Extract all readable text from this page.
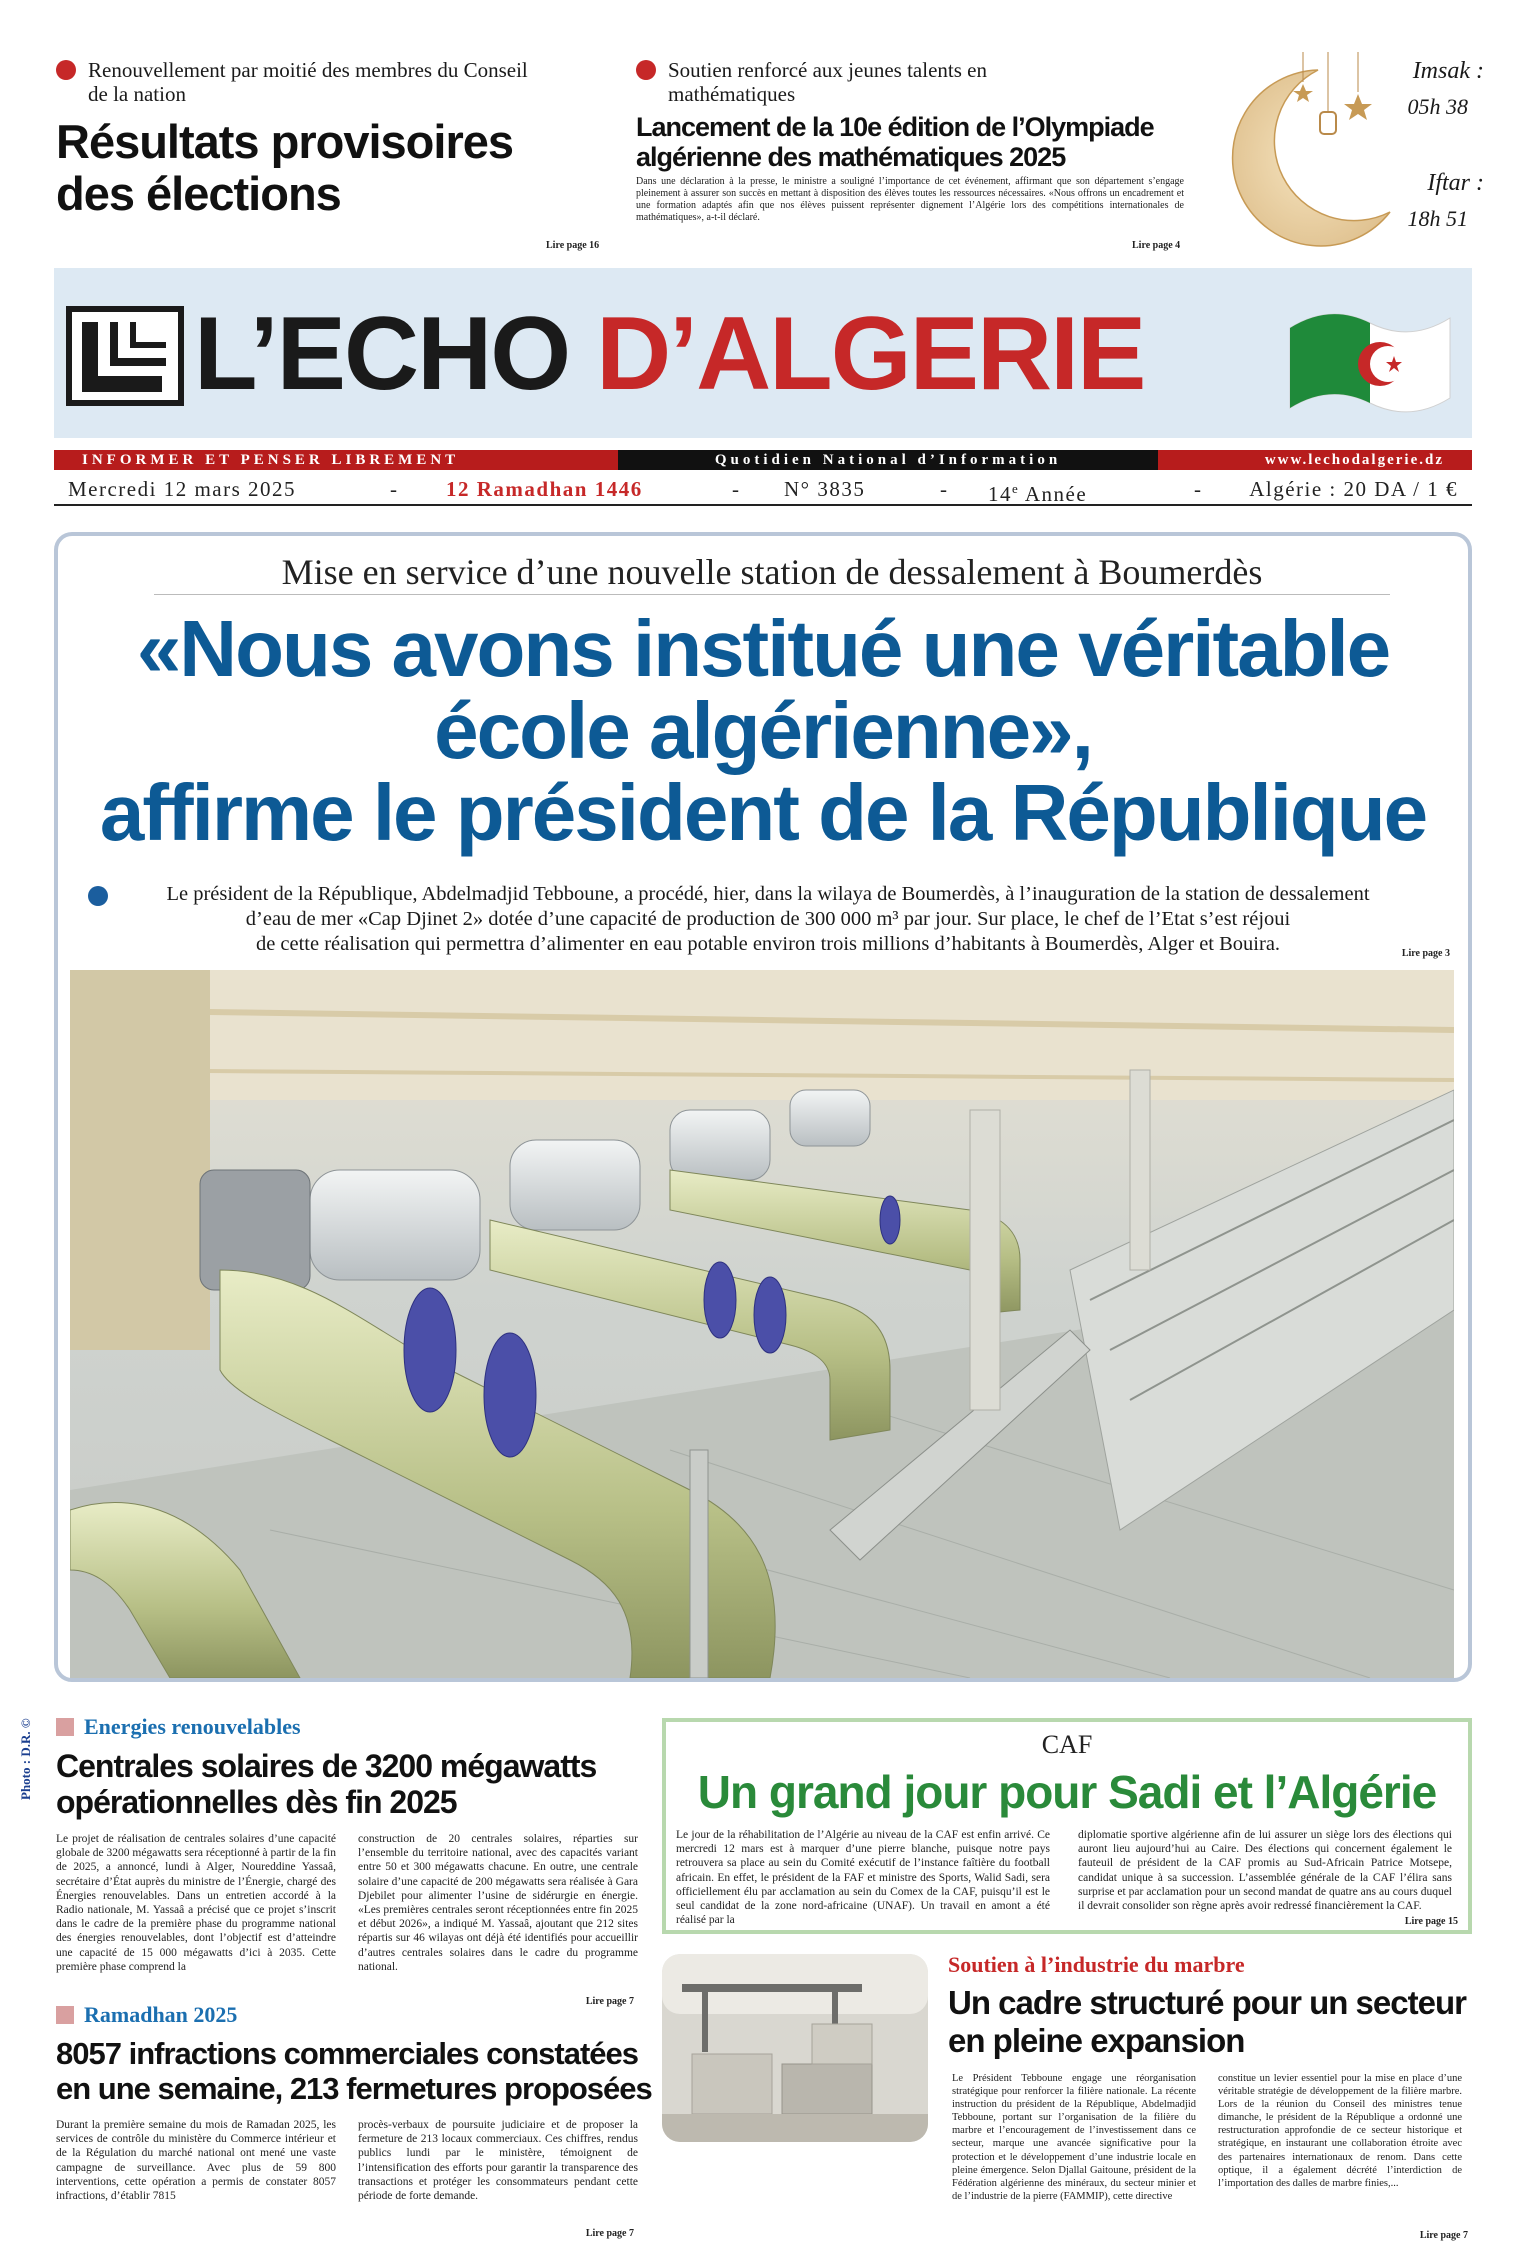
Renouvellement par moitié des membres du Conseil de la nation
Résultats provisoires
des élections
Lire page 16
Soutien renforcé aux jeunes talents en mathématiques
Lancement de la 10e édition de l’Olympiade
algérienne des mathématiques 2025
Dans une déclaration à la presse, le ministre a souligné l’importance de cet événement, affirmant que son département s’engage pleinement à assurer son succès en mettant à disposition des élèves toutes les ressources nécessaires. «Nous offrons un encadrement et une formation adaptés afin que nos élèves puissent représenter dignement l’Algérie lors des compétitions internationales de mathématiques», a-t-il déclaré.
Lire page 4
Imsak :
05h 38
Iftar :
18h 51
L’ECHO D’ALGERIE
INFORMER ET PENSER LIBREMENT	Quotidien National d’Information	www.lechodalgerie.dz
Mercredi 12 mars 2025	- 12 Ramadhan 1446	- N° 3835	- 14e Année	- Algérie : 20 DA / 1 €
Mise en service d’une nouvelle station de dessalement à Boumerdès
«Nous avons institué une véritable
école algérienne»,
affirme le président de la République
Le président de la République, Abdelmadjid Tebboune, a procédé, hier, dans la wilaya de Boumerdès, à l’inauguration de la station de dessalement
d’eau de mer «Cap Djinet 2» dotée d’une capacité de production de 300 000 m³ par jour. Sur place, le chef de l’Etat s’est réjoui
de cette réalisation qui permettra d’alimenter en eau potable environ trois millions d’habitants à Boumerdès, Alger et Bouira.	Lire page 3
Photo : D.R. © Energies renouvelables
Centrales solaires de 3200 mégawatts
opérationnelles dès fin 2025
Le projet de réalisation de centrales solaires d’une capacité globale de 3200 mégawatts sera réceptionné à partir de la fin de 2025, a annoncé, lundi à Alger, Noureddine Yassaâ, secrétaire d’État auprès du ministre de l’Énergie, chargé des Énergies renouvelables. Dans un entretien accordé à la Radio nationale, M. Yassaâ a précisé que ce projet s’inscrit dans le cadre de la première phase du programme national des énergies renouvelables, dont l’objectif est d’atteindre une capacité de 15 000 mégawatts d’ici à 2035. Cette première phase comprend la
construction de 20 centrales solaires, réparties sur l’ensemble du territoire national, avec des capacités variant entre 50 et 300 mégawatts chacune. En outre, une centrale solaire d’une capacité de 200 mégawatts sera réalisée à Gara Djebilet pour alimenter l’usine de sidérurgie en énergie. «Les premières centrales seront réceptionnées entre fin 2025 et début 2026», a indiqué M. Yassaâ, ajoutant que 212 sites répartis sur 46 wilayas ont déjà été identifiés pour accueillir d’autres centrales solaires dans le cadre du programme national.
Lire page 7
Ramadhan 2025
8057 infractions commerciales constatées
en une semaine, 213 fermetures proposées
Durant la première semaine du mois de Ramadan 2025, les services de contrôle du ministère du Commerce intérieur et de la Régulation du marché national ont mené une vaste campagne de surveillance. Avec plus de 59 800 interventions, cette opération a permis de constater 8057 infractions, d’établir 7815
procès-verbaux de poursuite judiciaire et de proposer la fermeture de 213 locaux commerciaux. Ces chiffres, rendus publics lundi par le ministère, témoignent de l’intensification des efforts pour garantir la transparence des transactions et protéger les consommateurs pendant cette période de forte demande.
Lire page 7
CAF
Un grand jour pour Sadi et l’Algérie
Le jour de la réhabilitation de l’Algérie au niveau de la CAF est enfin arrivé. Ce mercredi 12 mars est à marquer d’une pierre blanche, puisque notre pays retrouvera sa place au sein du Comité exécutif de l’instance faîtière du football africain. En effet, le président de la FAF et ministre des Sports, Walid Sadi, sera officiellement élu par acclamation au sein du Comex de la CAF, puisqu’il est le seul candidat de la zone nord-africaine (UNAF). Un travail en amont a été réalisé par la
diplomatie sportive algérienne afin de lui assurer un siège lors des élections qui auront lieu aujourd’hui au Caire. Des élections qui concernent également le fauteuil de président de la CAF promis au Sud-Africain Patrice Motsepe, candidat unique à sa succession. L’assemblée générale de la CAF l’élira sans surprise et par acclamation pour un second mandat de quatre ans au cours duquel il devrait consolider son règne après avoir redressé financièrement la CAF.
Lire page 15
Soutien à l’industrie du marbre
Un cadre structuré pour un secteur
en pleine expansion
Le Président Tebboune engage une réorganisation stratégique pour renforcer la filière nationale. La récente instruction du président de la République, Abdelmadjid Tebboune, portant sur l’organisation de la filière du marbre et l’encouragement de l’investissement dans ce secteur, marque une avancée significative pour la protection et le développement d’une industrie locale en pleine émergence. Selon Djallal Gaitoune, président de la Fédération algérienne des minéraux, du secteur minier et de l’industrie de la pierre (FAMMIP), cette directive
constitue un levier essentiel pour la mise en place d’une véritable stratégie de développement de la filière marbre. Lors de la réunion du Conseil des ministres tenue dimanche, le président de la République a ordonné une restructuration approfondie de ce secteur historique et stratégique, en instaurant une collaboration étroite avec des partenaires internationaux de renom. Dans cette optique, il a également décrété l’interdiction de l’importation des dalles de marbre finies,...
Lire page 7
